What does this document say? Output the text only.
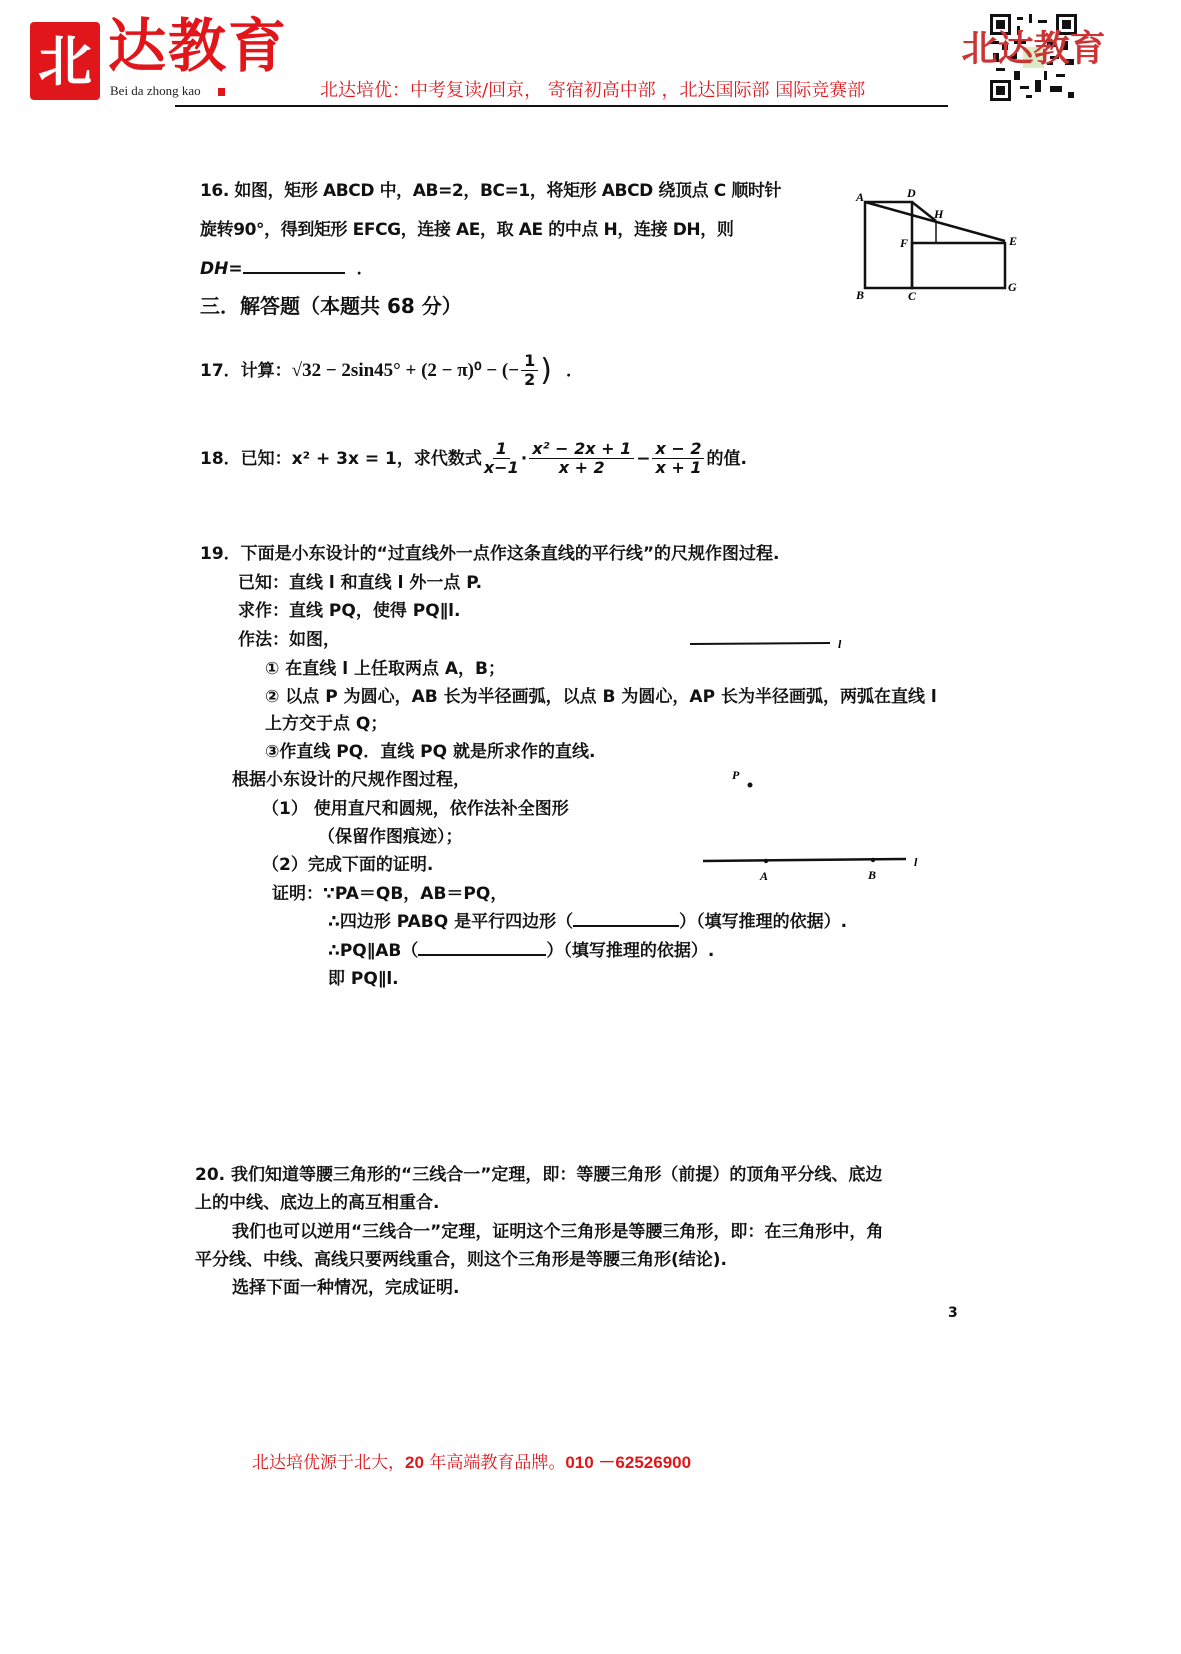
北 达教育
Bei da zhong kao	北达培优：中考复读/回京， 寄宿初高中部 ，北达国际部 国际竞赛部
北达教育
16. 如图，矩形 ABCD 中，AB=2，BC=1，将矩形 ABCD 绕顶点 C 顺时针
旋转90°，得到矩形 EFCG，连接 AE，取 AE 的中点 H，连接 DH，则
DH=	．
A	D
H
F	E
B	C
G
三．解答题（本题共 68 分）
17．计算： √32 − 2sin45° + (2 − π)⁰ − (− $\frac{1}{2}$ ) ．
18．已知：x² + 3x = 1，求代数式 $\frac{1}{x-1} \cdot \frac{\text{x² − 2x + 1}}{x + 2} - \frac{x - 2}{x + 1}$ 的值.
19．下面是小东设计的“过直线外一点作这条直线的平行线”的尺规作图过程.
已知：直线 l 和直线 l 外一点 P.
求作：直线 PQ，使得 PQ∥l.
作法：如图，
① 在直线 l 上任取两点 A，B；
② 以点 P 为圆心，AB 长为半径画弧，以点 B 为圆心，AP 长为半径画弧，两弧在直线 l
上方交于点 Q；
③作直线 PQ．直线 PQ 就是所求作的直线.
根据小东设计的尺规作图过程，
（1） 使用直尺和圆规，依作法补全图形
（保留作图痕迹）；
（2）完成下面的证明.
证明：∵PA＝QB，AB＝PQ，
∴四边形 PABQ 是平行四边形（	）（填写推理的依据）.
∴PQ∥AB（	）（填写推理的依据）.
即 PQ∥l.
l
P
A	B
l
20. 我们知道等腰三角形的“三线合一”定理，即：等腰三角形（前提）的顶角平分线、底边
上的中线、底边上的高互相重合.
我们也可以逆用“三线合一”定理，证明这个三角形是等腰三角形，即：在三角形中，角
平分线、中线、高线只要两线重合，则这个三角形是等腰三角形(结论).
选择下面一种情况，完成证明.
3
北达培优源于北大，20 年高端教育品牌。010 －62526900
